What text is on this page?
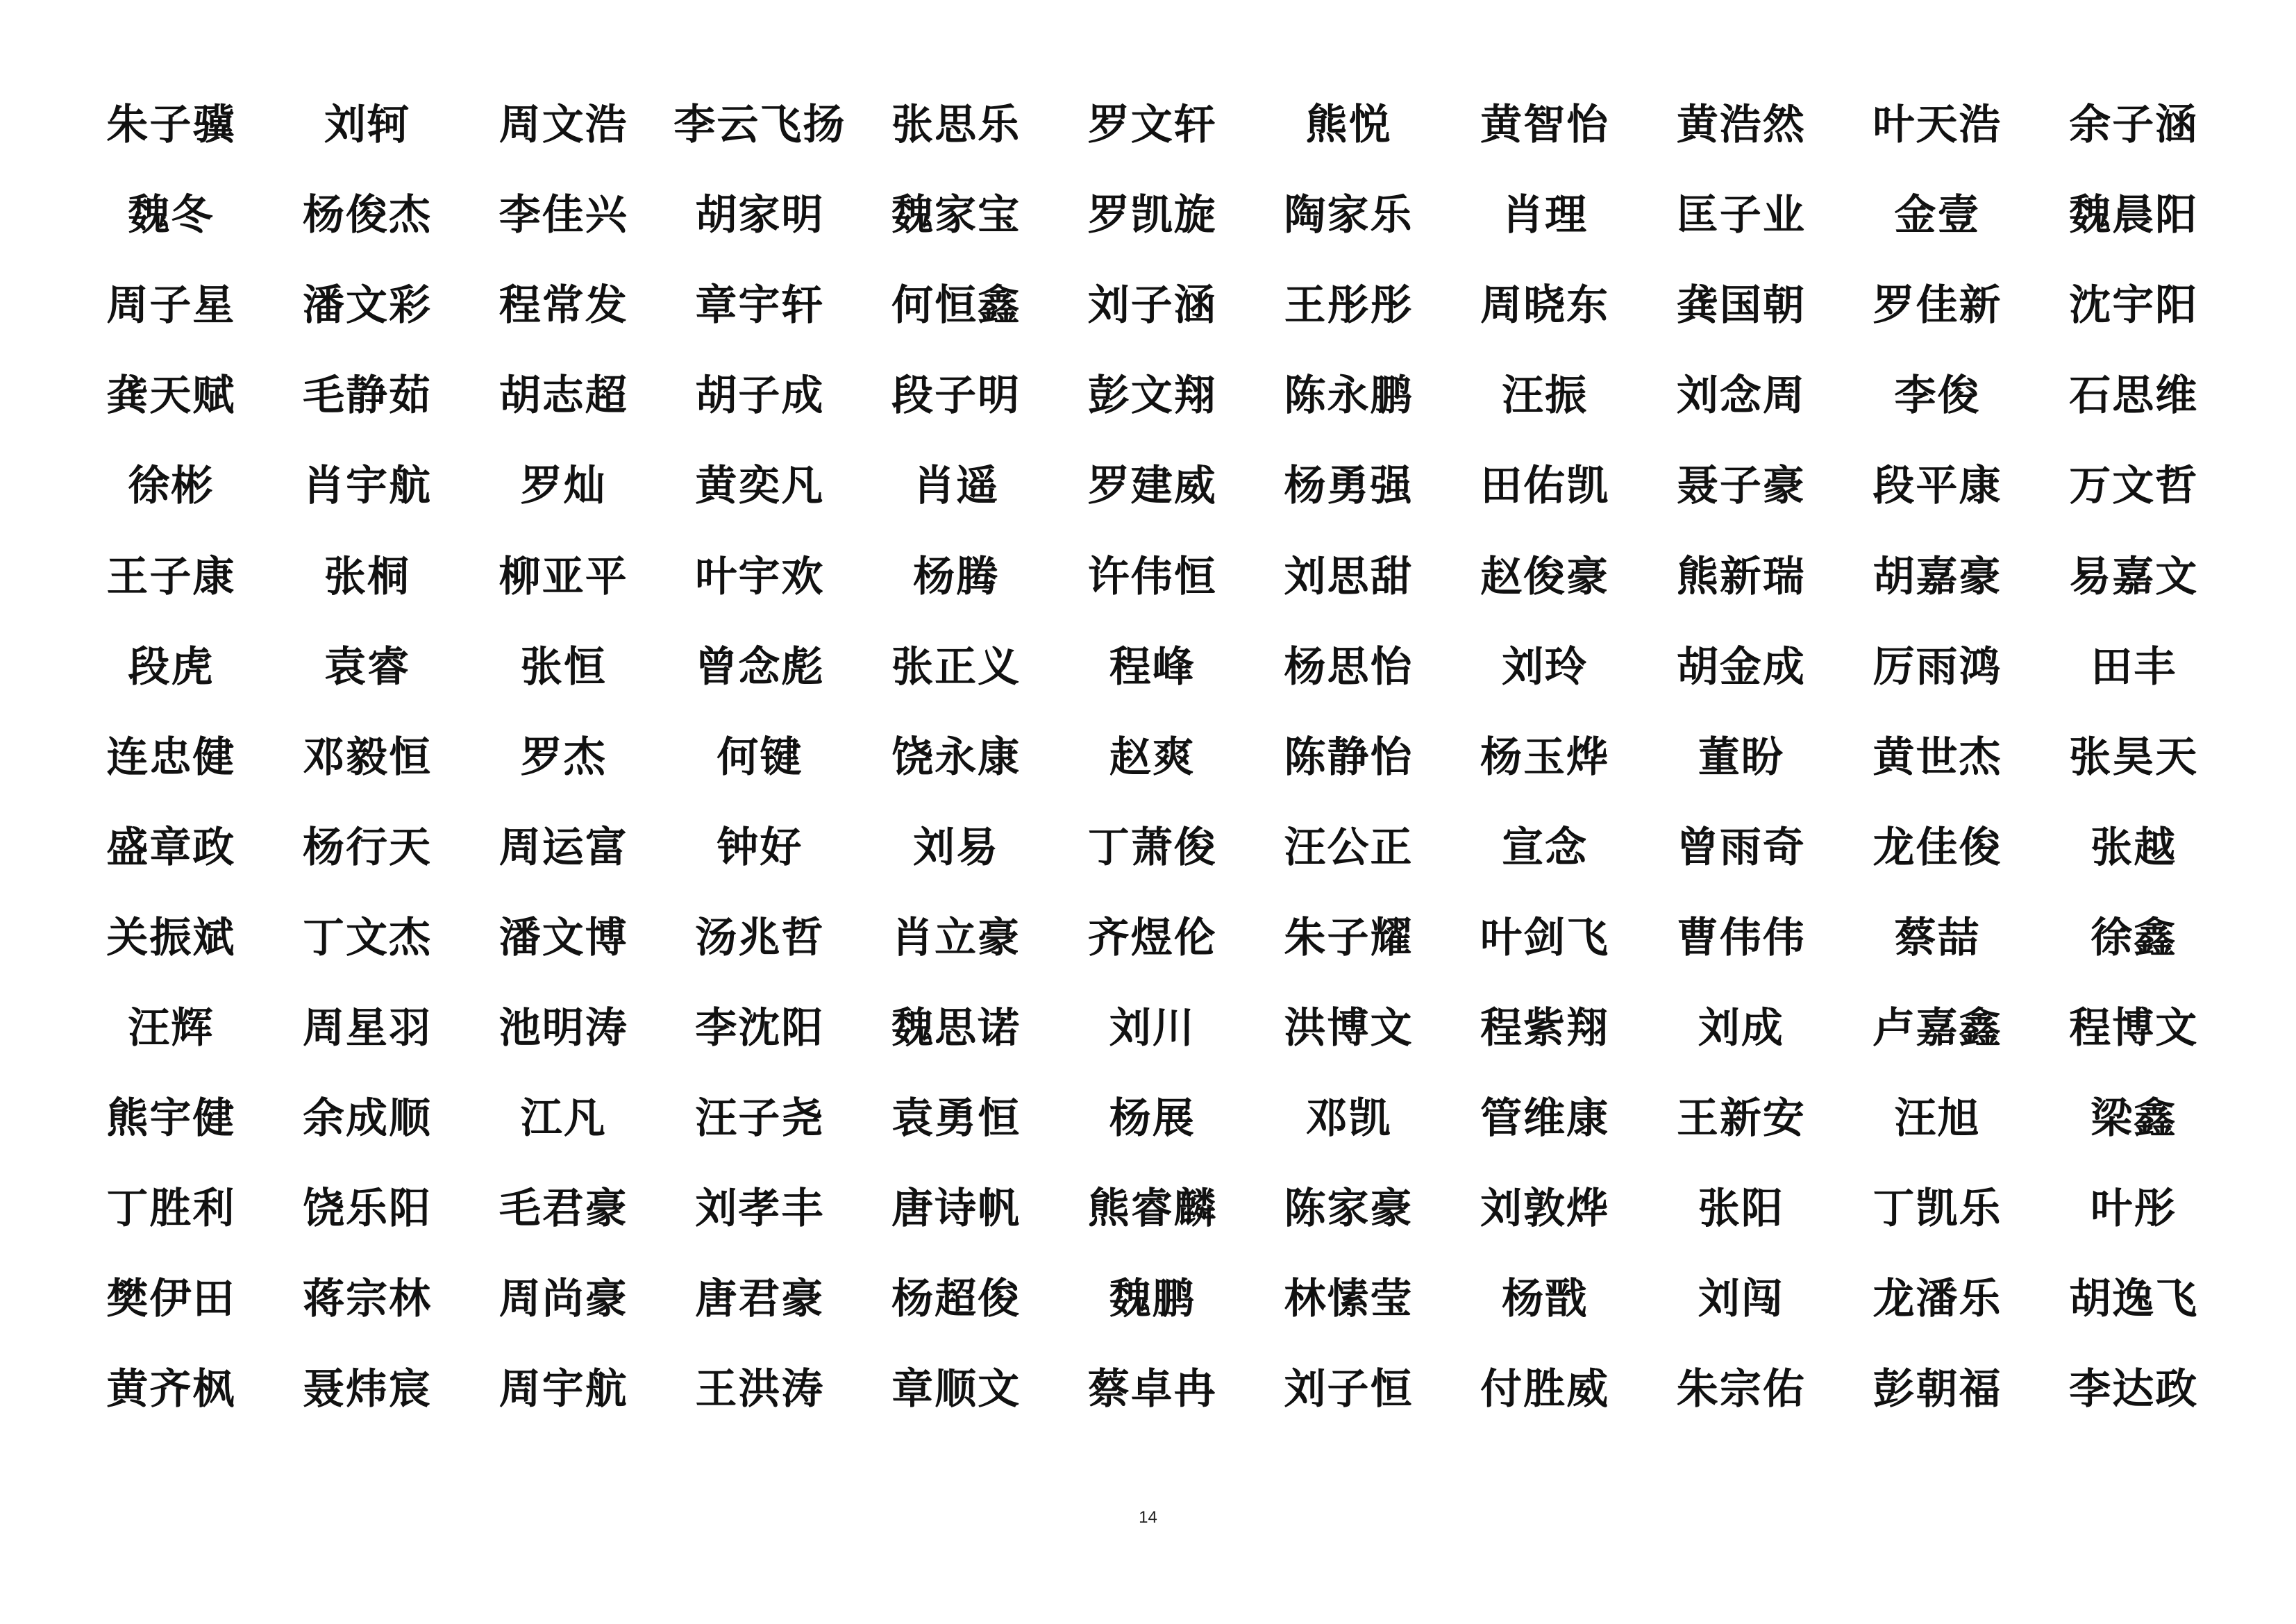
朱子骥	刘轲	周文浩	李云飞扬	张思乐	罗文轩	熊悦	黄智怡	黄浩然	叶天浩	余子涵
魏冬	杨俊杰	李佳兴	胡家明	魏家宝	罗凯旋	陶家乐	肖理	匡子业	金壹	魏晨阳
周子星	潘文彩	程常发	章宇轩	何恒鑫	刘子涵	王彤彤	周晓东	龚国朝	罗佳新	沈宇阳
龚天赋	毛静茹	胡志超	胡子成	段子明	彭文翔	陈永鹏	汪振	刘念周	李俊	石思维
徐彬	肖宇航	罗灿	黄奕凡	肖遥	罗建威	杨勇强	田佑凯	聂子豪	段平康	万文哲
王子康	张桐	柳亚平	叶宇欢	杨腾	许伟恒	刘思甜	赵俊豪	熊新瑞	胡嘉豪	易嘉文
段虎	袁睿	张恒	曾念彪	张正义	程峰	杨思怡	刘玲	胡金成	厉雨鸿	田丰
连忠健	邓毅恒	罗杰	何键	饶永康	赵爽	陈静怡	杨玉烨	董盼	黄世杰	张昊天
盛章政	杨行天	周运富	钟好	刘易	丁萧俊	汪公正	宣念	曾雨奇	龙佳俊	张越
关振斌	丁文杰	潘文博	汤兆哲	肖立豪	齐煜伦	朱子耀	叶剑飞	曹伟伟	蔡喆	徐鑫
汪辉	周星羽	池明涛	李沈阳	魏思诺	刘川	洪博文	程紫翔	刘成	卢嘉鑫	程博文
熊宇健	余成顺	江凡	汪子尧	袁勇恒	杨展	邓凯	管维康	王新安	汪旭	梁鑫
丁胜利	饶乐阳	毛君豪	刘孝丰	唐诗帆	熊睿麟	陈家豪	刘敦烨	张阳	丁凯乐	叶彤
樊伊田	蒋宗林	周尚豪	唐君豪	杨超俊	魏鹏	林愫莹	杨戬	刘闯	龙潘乐	胡逸飞
黄齐枫	聂炜宸	周宇航	王洪涛	章顺文	蔡卓冉	刘子恒	付胜威	朱宗佑	彭朝福	李达政
14
